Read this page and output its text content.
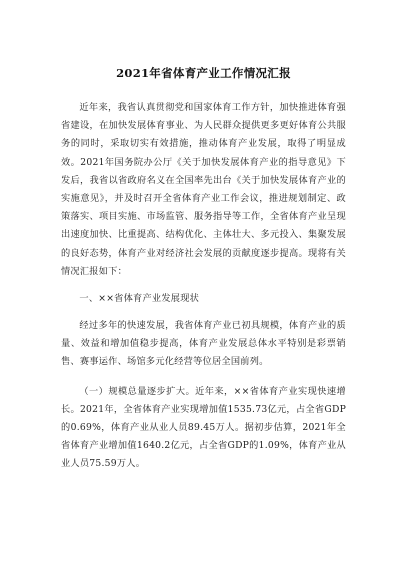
2021年省体育产业工作情况汇报

近年来，我省认真贯彻党和国家体育工作方针，加快推进体育强省建设，在加快发展体育事业、为人民群众提供更多更好体育公共服务的同时，采取切实有效措施，推动体育产业发展，取得了明显成效。2021年国务院办公厅《关于加快发展体育产业的指导意见》下发后，我省以省政府名义在全国率先出台《关于加快发展体育产业的实施意见》，并及时召开全省体育产业工作会议，推进规划制定、政策落实、项目实施、市场监管、服务指导等工作，全省体育产业呈现出速度加快、比重提高、结构优化、主体壮大、多元投入、集聚发展的良好态势，体育产业对经济社会发展的贡献度逐步提高。现将有关情况汇报如下：

一、××省体育产业发展现状

经过多年的快速发展，我省体育产业已初具规模，体育产业的质量、效益和增加值稳步提高，体育产业发展总体水平特别是彩票销售、赛事运作、场馆多元化经营等位居全国前列。

（一）规模总量逐步扩大。近年来，××省体育产业实现快速增长。2021年，全省体育产业实现增加值1535.73亿元，占全省GDP的0.69%，体育产业从业人员89.45万人。据初步估算，2021年全省体育产业增加值1640.2亿元，占全省GDP的1.09%，体育产业从业人员75.59万人。
